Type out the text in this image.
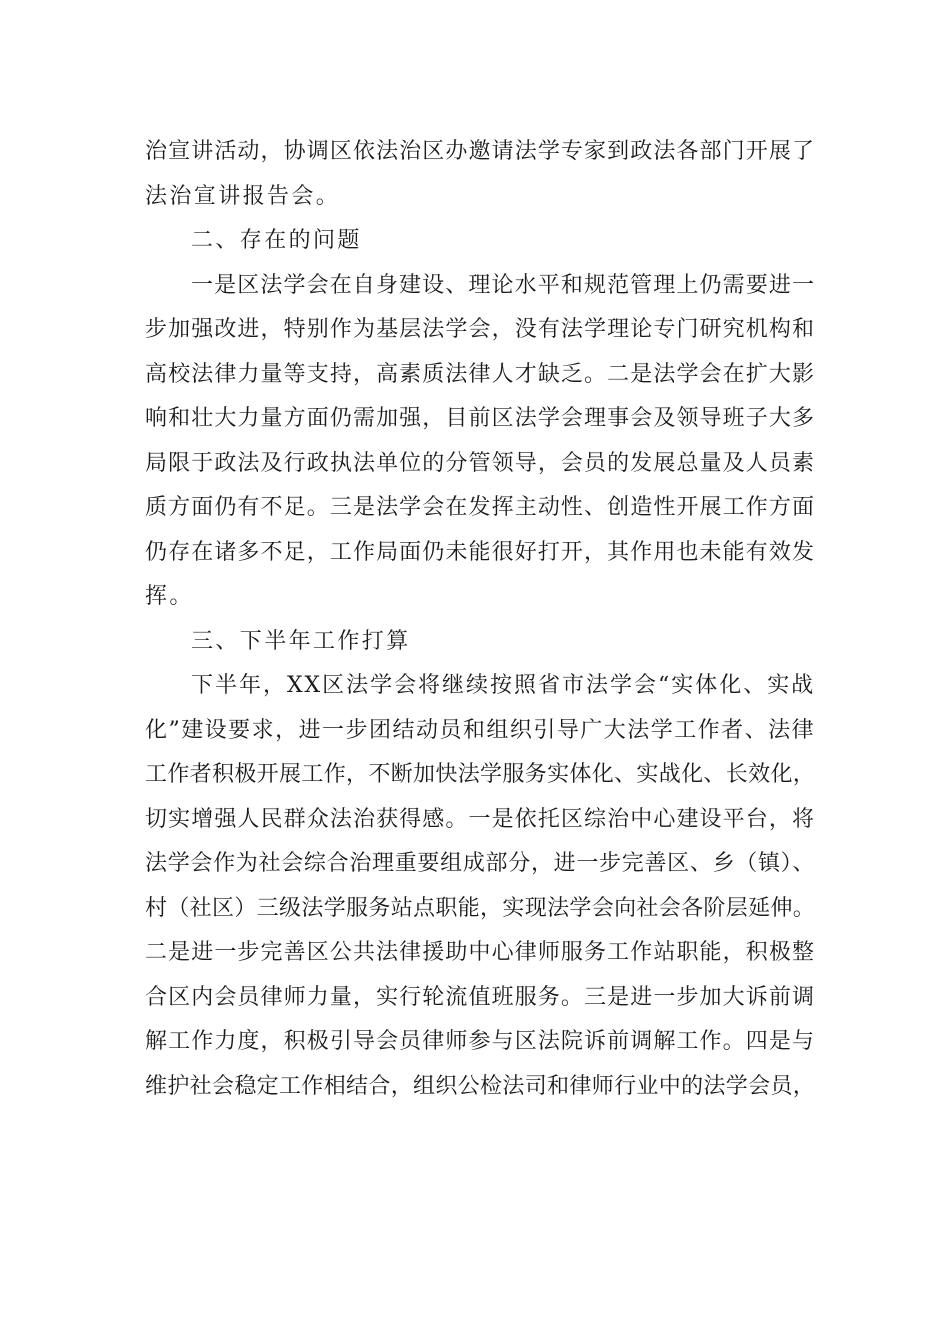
治宣讲活动，协调区依法治区办邀请法学专家到政法各部门开展了
法治宣讲报告会。
二、存在的问题
一是区法学会在自身建设、理论水平和规范管理上仍需要进一
步加强改进，特别作为基层法学会，没有法学理论专门研究机构和
高校法律力量等支持，高素质法律人才缺乏。二是法学会在扩大影
响和壮大力量方面仍需加强，目前区法学会理事会及领导班子大多
局限于政法及行政执法单位的分管领导，会员的发展总量及人员素
质方面仍有不足。三是法学会在发挥主动性、创造性开展工作方面
仍存在诸多不足，工作局面仍未能很好打开，其作用也未能有效发
挥。
三、下半年工作打算
下半年，XX区法学会将继续按照省市法学会“实体化、实战
化”建设要求，进一步团结动员和组织引导广大法学工作者、法律
工作者积极开展工作，不断加快法学服务实体化、实战化、长效化，
切实增强人民群众法治获得感。一是依托区综治中心建设平台，将
法学会作为社会综合治理重要组成部分，进一步完善区、乡（镇）、
村（社区）三级法学服务站点职能，实现法学会向社会各阶层延伸。
二是进一步完善区公共法律援助中心律师服务工作站职能，积极整
合区内会员律师力量，实行轮流值班服务。三是进一步加大诉前调
解工作力度，积极引导会员律师参与区法院诉前调解工作。四是与
维护社会稳定工作相结合，组织公检法司和律师行业中的法学会员，
